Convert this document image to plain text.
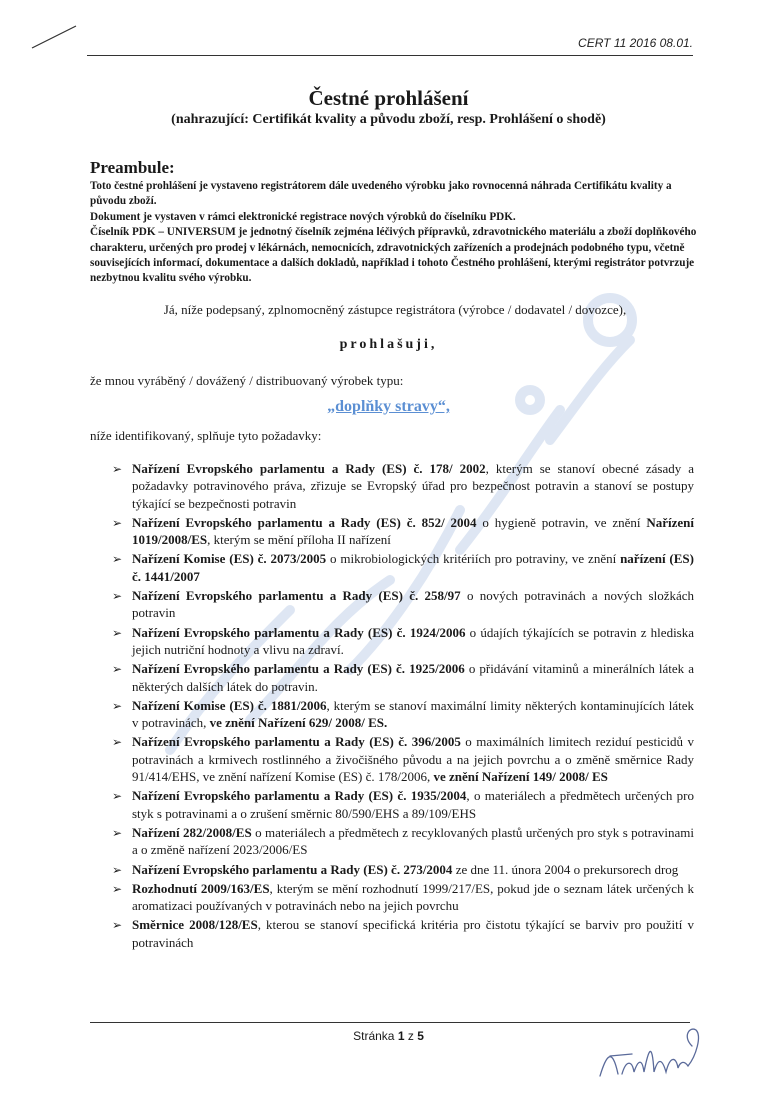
CERT 11 2016 08.01.
Čestné prohlášení
(nahrazující: Certifikát kvality a původu zboží, resp. Prohlášení o shodě)
Preambule:

Toto čestné prohlášení je vystaveno registrátorem dále uvedeného výrobku jako rovnocenná náhrada Certifikátu kvality a původu zboží.

Dokument je vystaven v rámci elektronické registrace nových výrobků do číselníku PDK.

Číselník PDK – UNIVERSUM je jednotný číselník zejména léčivých přípravků, zdravotnického materiálu a zboží doplňkového charakteru, určených pro prodej v lékárnách, nemocnicích, zdravotnických zařízeních a prodejnách podobného typu, včetně souvisejících informací, dokumentace a dalších dokladů, například i tohoto Čestného prohlášení, kterými registrátor potvrzuje nezbytnou kvalitu svého výrobku.

Já, níže podepsaný, zplnomocněný zástupce registrátora (výrobce / dodavatel / dovozce),
prohlašuji,
že mnou vyráběný / dovážený / distribuovaný výrobek typu:
„doplňky stravy“,
níže identifikovaný, splňuje tyto požadavky:
➢ Nařízení Evropského parlamentu a Rady (ES) č. 178/ 2002, kterým se stanoví obecné zásady a požadavky potravinového práva, zřizuje se Evropský úřad pro bezpečnost potravin a stanoví se postupy týkající se bezpečnosti potravin
➢ Nařízení Evropského parlamentu a Rady (ES) č. 852/ 2004 o hygieně potravin, ve znění Nařízení 1019/2008/ES, kterým se mění příloha II nařízení
➢ Nařízení Komise (ES) č. 2073/2005 o mikrobiologických kritériích pro potraviny, ve znění nařízení (ES) č. 1441/2007
➢ Nařízení Evropského parlamentu a Rady (ES) č. 258/97 o nových potravinách a nových složkách potravin
➢ Nařízení Evropského parlamentu a Rady (ES) č. 1924/2006 o údajích týkajících se potravin z hlediska jejich nutriční hodnoty a vlivu na zdraví.
➢ Nařízení Evropského parlamentu a Rady (ES) č. 1925/2006 o přidávání vitaminů a minerálních látek a některých dalších látek do potravin.
➢ Nařízení Komise (ES) č. 1881/2006, kterým se stanoví maximální limity některých kontaminujících látek v potravinách, ve znění Nařízení 629/ 2008/ ES.
➢ Nařízení Evropského parlamentu a Rady (ES) č. 396/2005 o maximálních limitech reziduí pesticidů v potravinách a krmivech rostlinného a živočišného původu a na jejich povrchu a o změně směrnice Rady 91/414/EHS, ve znění nařízení Komise (ES) č. 178/2006, ve znění Nařízení 149/ 2008/ ES
➢ Nařízení Evropského parlamentu a Rady (ES) č. 1935/2004, o materiálech a předmětech určených pro styk s potravinami a o zrušení směrnic 80/590/EHS a 89/109/EHS
➢ Nařízení 282/2008/ES o materiálech a předmětech z recyklovaných plastů určených pro styk s potravinami a o změně nařízení 2023/2006/ES
➢ Nařízení Evropského parlamentu a Rady (ES) č. 273/2004 ze dne 11. února 2004 o prekursorech drog
➢ Rozhodnutí 2009/163/ES, kterým se mění rozhodnutí 1999/217/ES, pokud jde o seznam látek určených k aromatizaci používaných v potravinách nebo na jejich povrchu
➢ Směrnice 2008/128/ES, kterou se stanoví specifická kritéria pro čistotu týkající se barviv pro použití v potravinách
Stránka 1 z 5
